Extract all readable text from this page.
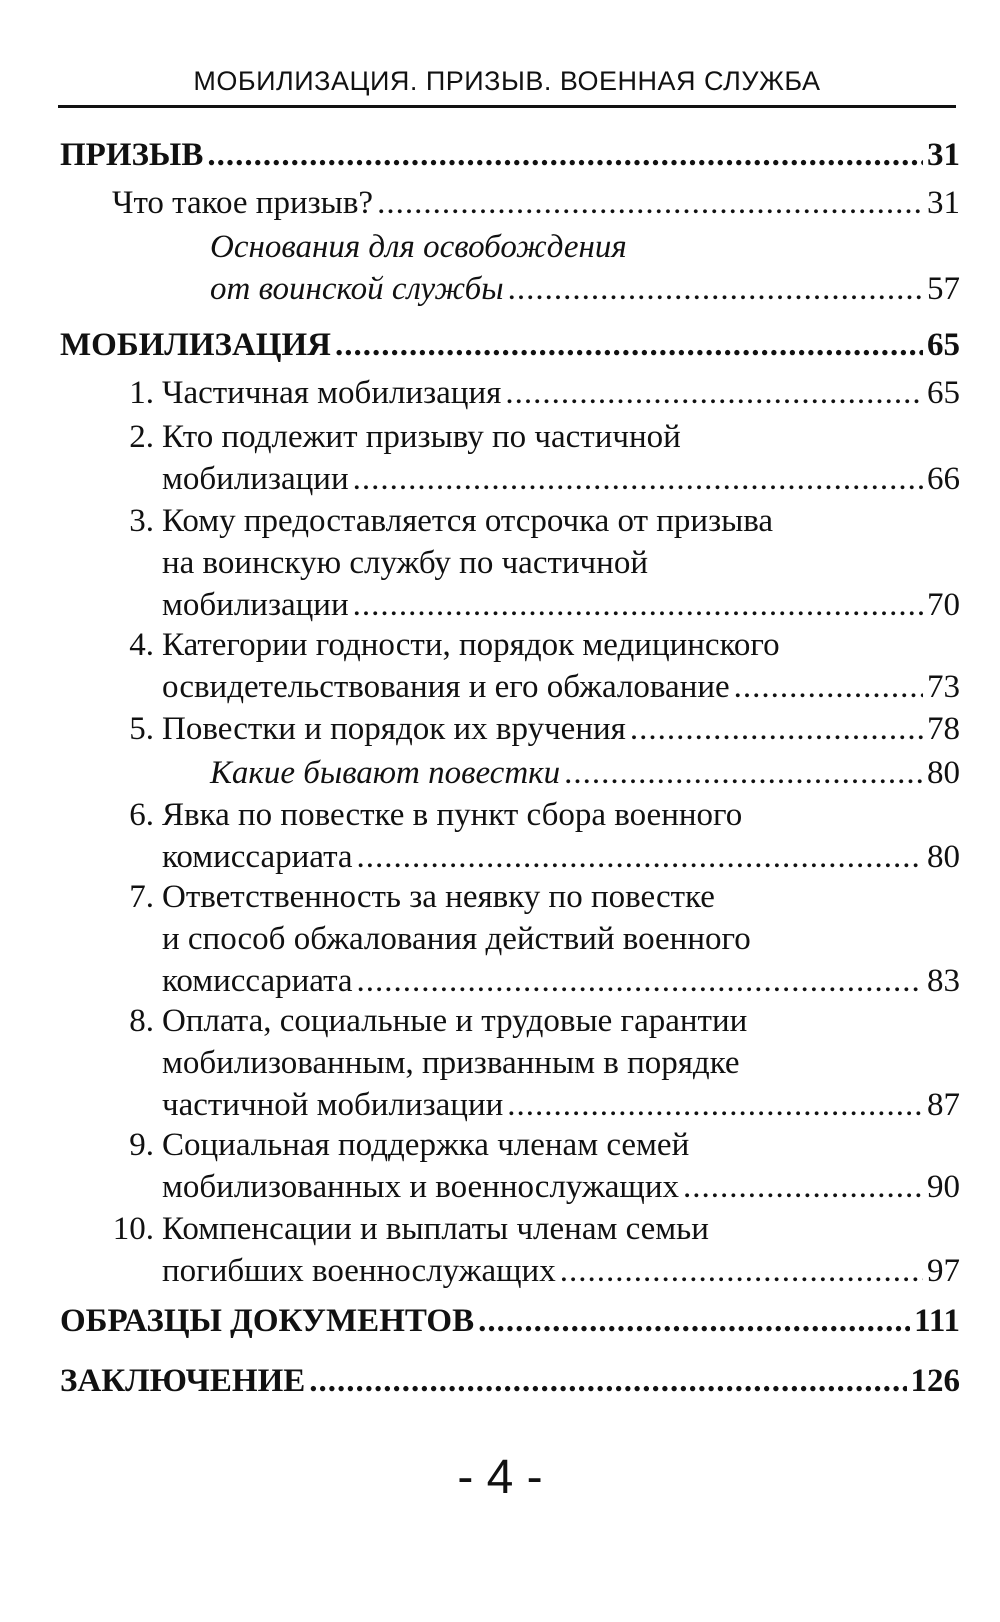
МОБИЛИЗАЦИЯ. ПРИЗЫВ. ВОЕННАЯ СЛУЖБА
ПРИЗЫВ .....	31
Что такое призыв? .....	31
Основания для освобождения
от воинской службы .....	57
МОБИЛИЗАЦИЯ .....	65
1. Частичная мобилизация .....	65
2. Кто подлежит призыву по частичной
мобилизации .....	66
3. Кому предоставляется отсрочка от призыва
на воинскую службу по частичной
мобилизации .....	70
4. Категории годности, порядок медицинского
освидетельствования и его обжалование .....	73
5. Повестки и порядок их вручения .....	78
Какие бывают повестки .....	80
6. Явка по повестке в пункт сбора военного
комиссариата .....	80
7. Ответственность за неявку по повестке
и способ обжалования действий военного
комиссариата .....	83
8. Оплата, социальные и трудовые гарантии
мобилизованным, призванным в порядке
частичной мобилизации .....	87
9. Социальная поддержка членам семей
мобилизованных и военнослужащих .....	90
10. Компенсации и выплаты членам семьи
погибших военнослужащих .....	97
ОБРАЗЦЫ ДОКУМЕНТОВ .....	111
ЗАКЛЮЧЕНИЕ .....	126
- 4 -
